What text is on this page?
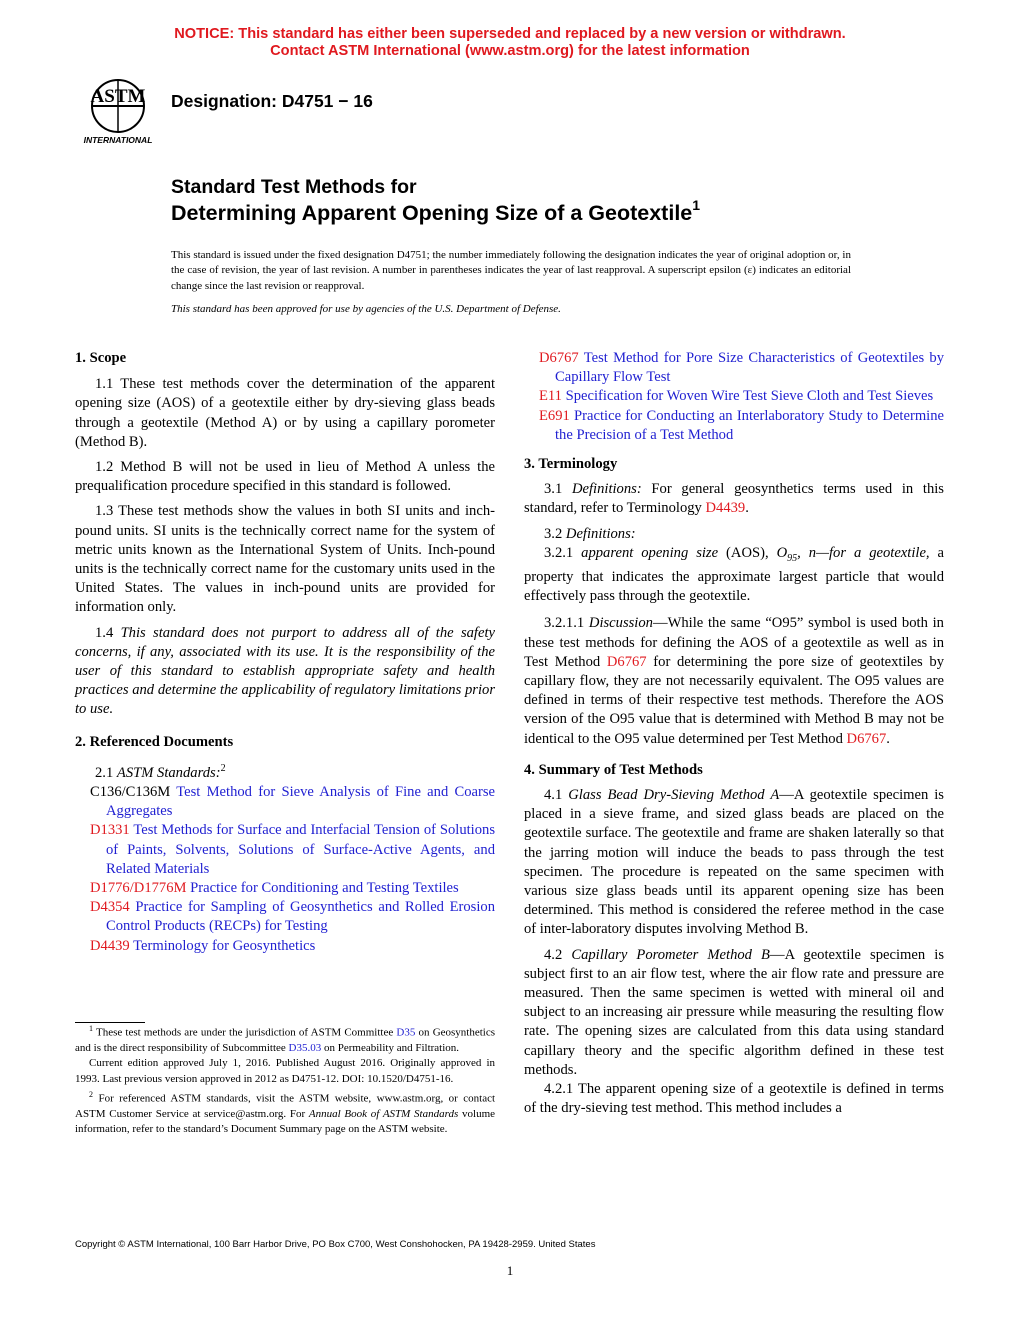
NOTICE: This standard has either been superseded and replaced by a new version or withdrawn.
Contact ASTM International (www.astm.org) for the latest information
ASTM
INTERNATIONAL
Designation: D4751 − 16
Standard Test Methods for
Determining Apparent Opening Size of a Geotextile$^1$
This standard is issued under the fixed designation D4751; the number immediately following the designation indicates the year of original adoption or, in the case of revision, the year of last revision. A number in parentheses indicates the year of last reapproval. A superscript epsilon (ε) indicates an editorial change since the last revision or reapproval.
This standard has been approved for use by agencies of the U.S. Department of Defense.

1. Scope

1.1 These test methods cover the determination of the apparent opening size (AOS) of a geotextile either by dry-sieving glass beads through a geotextile (Method A) or by using a capillary porometer (Method B).

1.2 Method B will not be used in lieu of Method A unless the prequalification procedure specified in this standard is followed.

1.3 These test methods show the values in both SI units and inch-pound units. SI units is the technically correct name for the system of metric units known as the International System of Units. Inch-pound units is the technically correct name for the customary units used in the United States. The values in inch-pound units are provided for information only.

1.4 This standard does not purport to address all of the safety concerns, if any, associated with its use. It is the responsibility of the user of this standard to establish appropriate safety and health practices and determine the applicability of regulatory limitations prior to use.

2. Referenced Documents

2.1 ASTM Standards:$^2$

C136/C136M Test Method for Sieve Analysis of Fine and Coarse Aggregates

D1331 Test Methods for Surface and Interfacial Tension of Solutions of Paints, Solvents, Solutions of Surface-Active Agents, and Related Materials

D1776/D1776M Practice for Conditioning and Testing Textiles

D4354 Practice for Sampling of Geosynthetics and Rolled Erosion Control Products (RECPs) for Testing

D4439 Terminology for Geosynthetics

$^1$ These test methods are under the jurisdiction of ASTM Committee D35 on Geosynthetics and is the direct responsibility of Subcommittee D35.03 on Permeability and Filtration.

Current edition approved July 1, 2016. Published August 2016. Originally approved in 1993. Last previous version approved in 2012 as D4751-12. DOI: 10.1520/D4751-16.

$^2$ For referenced ASTM standards, visit the ASTM website, www.astm.org, or contact ASTM Customer Service at service@astm.org. For Annual Book of ASTM Standards volume information, refer to the standard’s Document Summary page on the ASTM website.

D6767 Test Method for Pore Size Characteristics of Geotextiles by Capillary Flow Test

E11 Specification for Woven Wire Test Sieve Cloth and Test Sieves

E691 Practice for Conducting an Interlaboratory Study to Determine the Precision of a Test Method

3. Terminology

3.1 Definitions: For general geosynthetics terms used in this standard, refer to Terminology D4439.

3.2 Definitions:

3.2.1 apparent opening size (AOS), $O_{95}$, n—for a geotextile, a property that indicates the approximate largest particle that would effectively pass through the geotextile.

3.2.1.1 Discussion—While the same “O95” symbol is used both in these test methods for defining the AOS of a geotextile as well as in Test Method D6767 for determining the pore size of geotextiles by capillary flow, they are not necessarily equivalent. The O95 values are defined in terms of their respective test methods. Therefore the AOS version of the O95 value that is determined with Method B may not be identical to the O95 value determined per Test Method D6767.

4. Summary of Test Methods

4.1 Glass Bead Dry-Sieving Method A—A geotextile specimen is placed in a sieve frame, and sized glass beads are placed on the geotextile surface. The geotextile and frame are shaken laterally so that the jarring motion will induce the beads to pass through the test specimen. The procedure is repeated on the same specimen with various size glass beads until its apparent opening size has been determined. This method is considered the referee method in the case of inter-laboratory disputes involving Method B.

4.2 Capillary Porometer Method B—A geotextile specimen is subject first to an air flow test, where the air flow rate and pressure are measured. Then the same specimen is wetted with mineral oil and subject to an increasing air pressure while measuring the resulting flow rate. The opening sizes are calculated from this data using standard capillary theory and the specific algorithm defined in these test methods.

4.2.1 The apparent opening size of a geotextile is defined in terms of the dry-sieving test method. This method includes a

Copyright © ASTM International, 100 Barr Harbor Drive, PO Box C700, West Conshohocken, PA 19428-2959. United States
1
